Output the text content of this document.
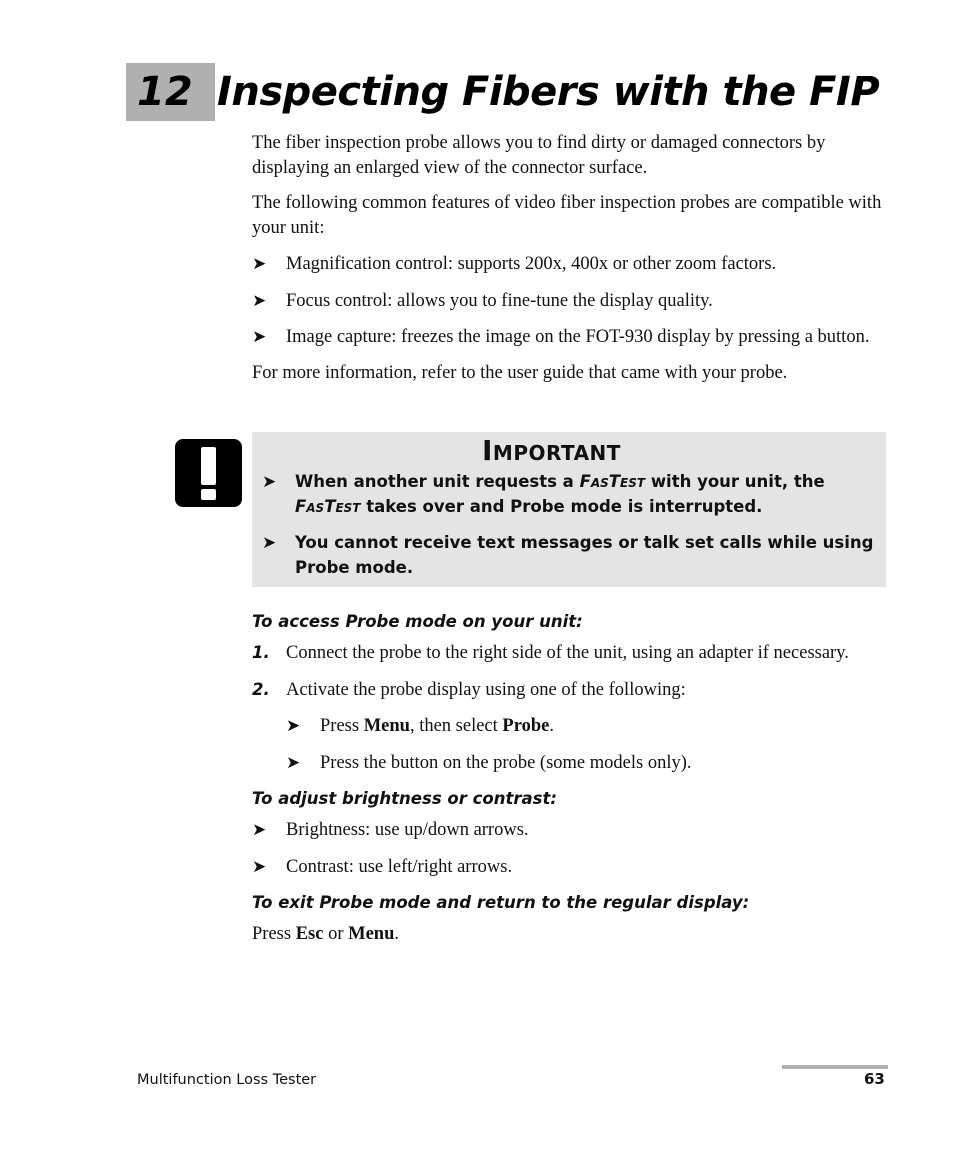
12 Inspecting Fibers with the FIP

The fiber inspection probe allows you to find dirty or damaged connectors by displaying an enlarged view of the connector surface.

The following common features of video fiber inspection probes are compatible with your unit:

➤ Magnification control: supports 200x, 400x or other zoom factors.
➤ Focus control: allows you to fine-tune the display quality.
➤ Image capture: freezes the image on the FOT-930 display by pressing a button.

For more information, refer to the user guide that came with your probe.

Important
➤ When another unit requests a FasTest with your unit, the FasTest takes over and Probe mode is interrupted.
➤ You cannot receive text messages or talk set calls while using Probe mode.
To access Probe mode on your unit:
1. Connect the probe to the right side of the unit, using an adapter if necessary.
2. Activate the probe display using one of the following:
➤ Press Menu, then select Probe.
➤ Press the button on the probe (some models only).
To adjust brightness or contrast:
➤ Brightness: use up/down arrows.
➤ Contrast: use left/right arrows.
To exit Probe mode and return to the regular display:

Press Esc or Menu.

Multifunction Loss Tester	63
